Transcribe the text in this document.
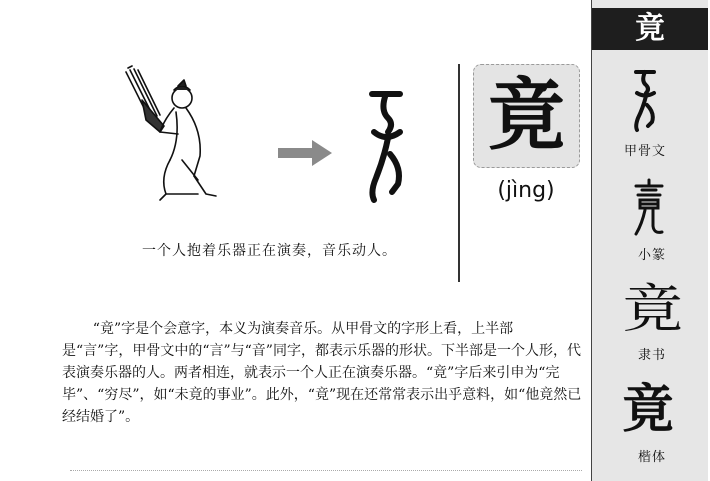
一个人抱着乐器正在演奏，音乐动人。
竟
(jìng)

“竟”字是个会意字，本义为演奏音乐。从甲骨文的字形上看，上半部是“言”字，甲骨文中的“言”与“音”同字，都表示乐器的形状。下半部是一个人形，代表演奏乐器的人。两者相连，就表示一个人正在演奏乐器。“竟”字后来引申为“完毕”、“穷尽”，如“未竟的事业”。此外，“竟”现在还常常表示出乎意料，如“他竟然已经结婚了”。

竟
甲骨文
小篆
竟
隶书
竟
楷体
